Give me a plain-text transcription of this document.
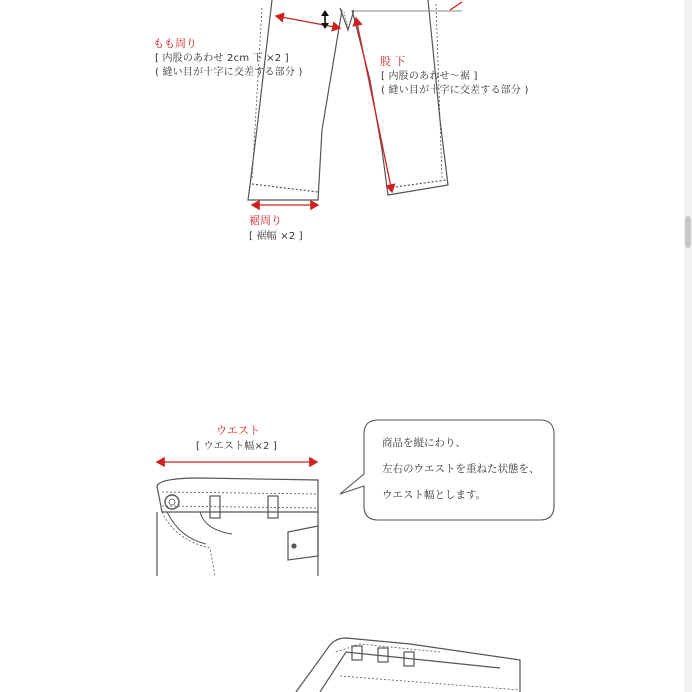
もも周り
[ 内股のあわせ 2cm 下 ×2 ]
( 縫い目が十字に交差する部分 )
股 下
[ 内股のあわせ～裾 ]
( 縫い目が十字に交差する部分 )
裾周り
[ 裾幅 ×2 ]
ウエスト
[ ウエスト幅×2 ]	商品を縦にわり、
左右のウエストを重ねた状態を、
ウエスト幅とします。
